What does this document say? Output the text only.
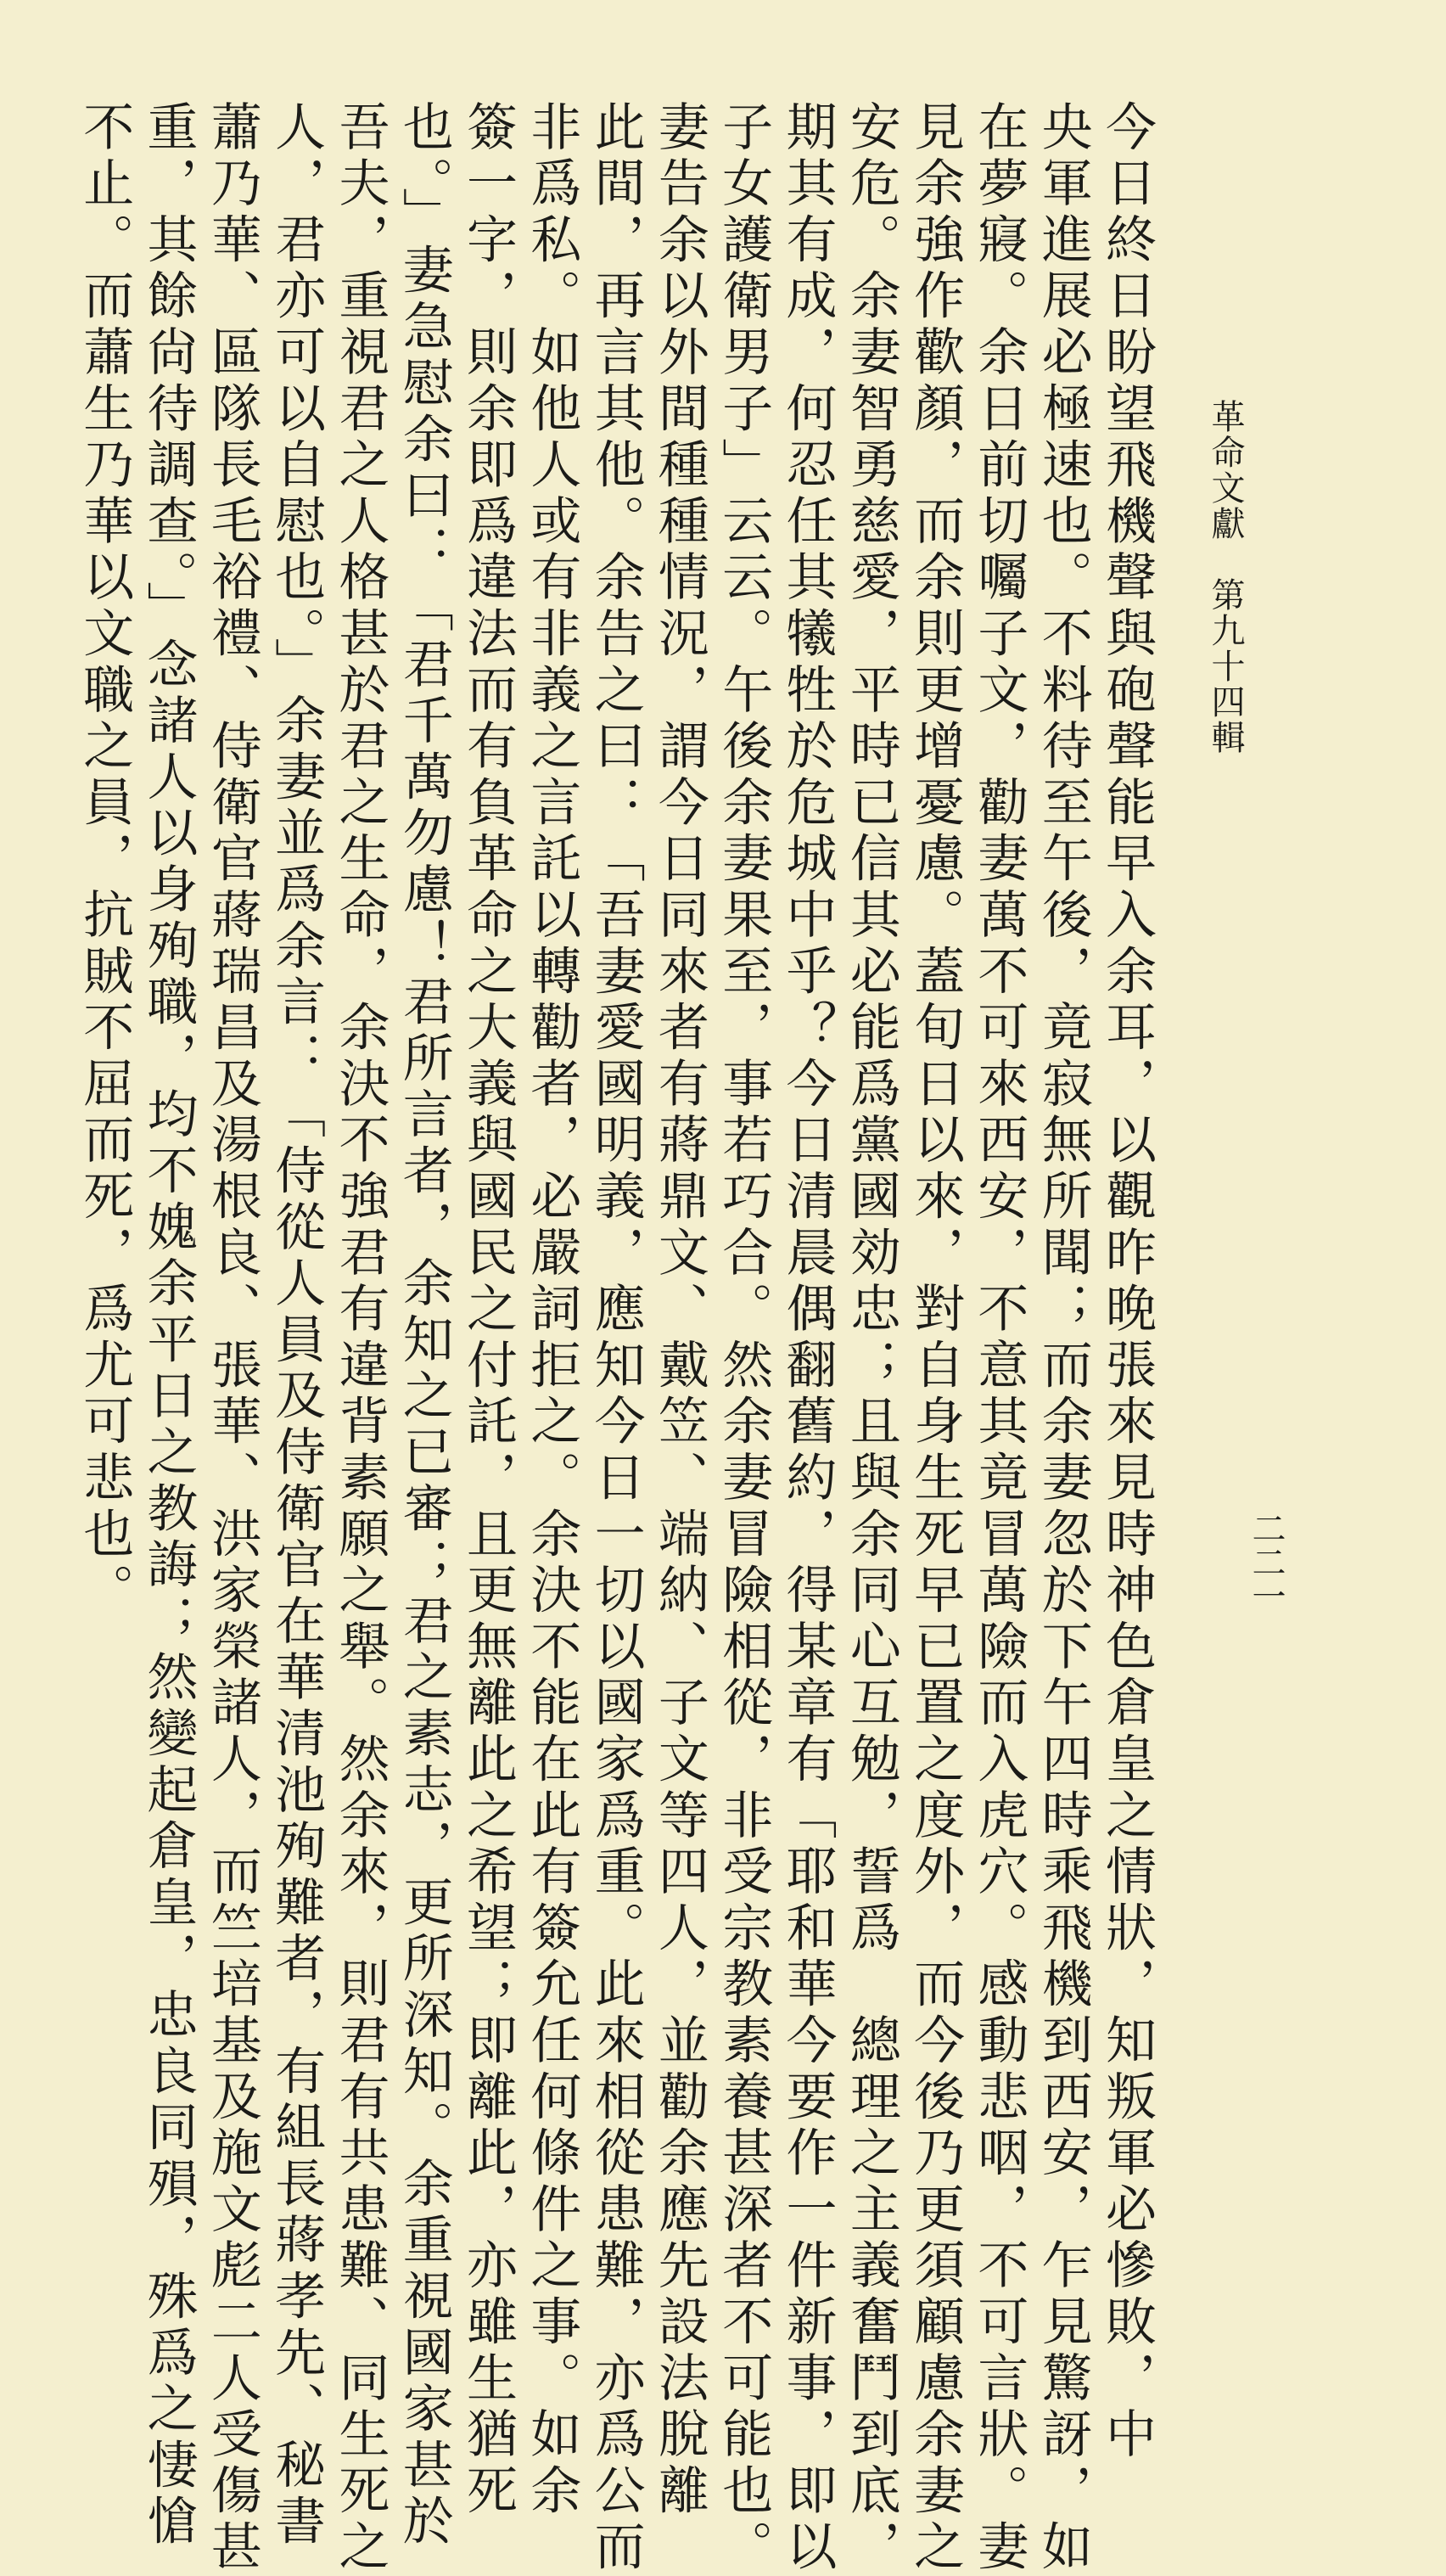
革命文獻　第九十四輯
二二一
今日終日盼望飛機聲與砲聲能早入余耳，以觀昨晚張來見時神色倉皇之情狀，知叛軍必慘敗，中
央軍進展必極速也。不料待至午後，竟寂無所聞；而余妻忽於下午四時乘飛機到西安，乍見驚訝，如
在夢寢。余日前切囑子文，勸妻萬不可來西安，不意其竟冒萬險而入虎穴。感動悲咽，不可言狀。妻
見余強作歡顏，而余則更增憂慮。蓋旬日以來，對自身生死早已置之度外，而今後乃更須顧慮余妻之
安危。余妻智勇慈愛，平時已信其必能爲黨國効忠；且與余同心互勉，誓爲　總理之主義奮鬥到底，
期其有成，何忍任其犧牲於危城中乎？今日清晨偶翻舊約，得某章有「耶和華今要作一件新事，即以
子女護衛男子」云云。午後余妻果至，事若巧合。然余妻冒險相從，非受宗教素養甚深者不可能也。
妻告余以外間種種情況，謂今日同來者有蔣鼎文、戴笠、端納、子文等四人，並勸余應先設法脫離
此間，再言其他。余告之曰：「吾妻愛國明義，應知今日一切以國家爲重。此來相從患難，亦爲公而
非爲私。如他人或有非義之言託以轉勸者，必嚴詞拒之。余決不能在此有簽允任何條件之事。如余
簽一字，則余即爲違法而有負革命之大義與國民之付託，且更無離此之希望；即離此，亦雖生猶死
也。」妻急慰余曰：「君千萬勿慮！君所言者，余知之已審；君之素志，更所深知。余重視國家甚於
吾夫，重視君之人格甚於君之生命，余決不強君有違背素願之舉。然余來，則君有共患難、同生死之
人，君亦可以自慰也。」余妻並爲余言：「侍從人員及侍衛官在華清池殉難者，有組長蔣孝先、秘書
蕭乃華、區隊長毛裕禮、侍衛官蔣瑞昌及湯根良、張華、洪家榮諸人，而竺培基及施文彪二人受傷甚
重，其餘尙待調查。」念諸人以身殉職，均不媿余平日之教誨；然變起倉皇，忠良同殞，殊爲之悽愴
不止。而蕭生乃華以文職之員，抗賊不屈而死，爲尤可悲也。
